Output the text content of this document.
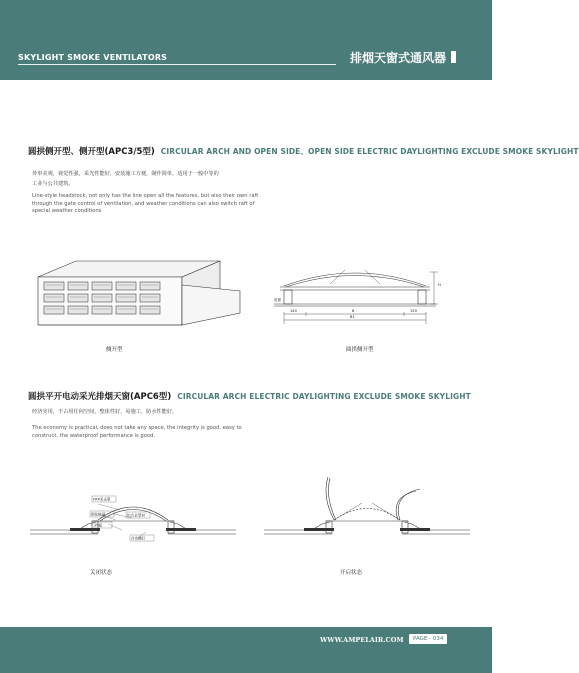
SKYLIGHT SMOKE VENTILATORS	排烟天窗式通风器
圆拱侧开型、侧开型(APC3/5型) CIRCULAR ARCH AND OPEN SIDE、OPEN SIDE ELECTRIC DAYLIGHTING EXCLUDE SMOKE SKYLIGHT
外形美观，视觉性强，采光性能好，安装施工方便，制作简单，适用于一般中等的
工业与公共建筑。
Line-style headstock, not only has the line open all the features, but also their own raft through the gate control of ventilation, and weather conditions can also switch raft of special weather conditions
侧开型
140	B	150
B1
H
屋面
圆拱侧开型
圆拱平开电动采光排烟天窗(APC6型) CIRCULAR ARCH ELECTRIC DAYLIGHTING EXCLUDE SMOKE SKYLIGHT
经济实用，不占用任何空间，整体性好，易施工，防水性能好。
The economy is practical, does not take any space, the integrity is good, easy to construct, the waterproof performance is good.
FRP采光罩
钢化玻璃	铝合金型材
挡板
自攻螺钉
关闭状态	开启状态
WWW.AMPELAIR.COM	PAGE - 034
